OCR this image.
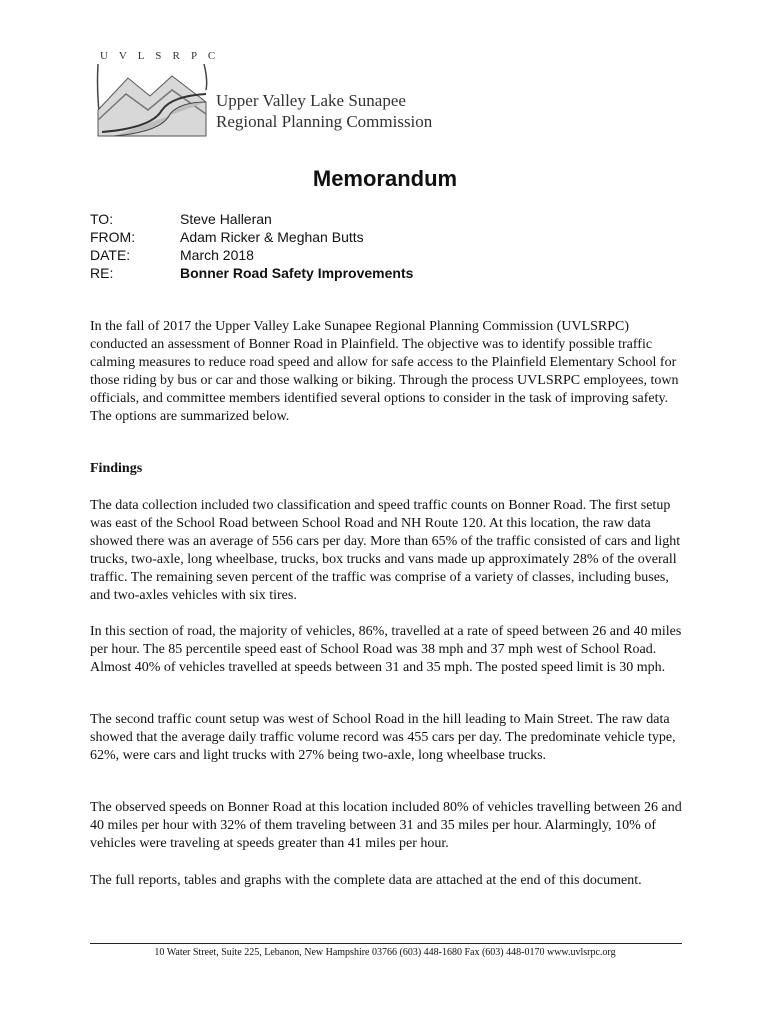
U V L S R P C
Upper Valley Lake Sunapee
Regional Planning Commission
Memorandum
TO:	Steve Halleran
FROM:	Adam Ricker & Meghan Butts
DATE:	March 2018
RE:	Bonner Road Safety Improvements

In the fall of 2017 the Upper Valley Lake Sunapee Regional Planning Commission (UVLSRPC) conducted an assessment of Bonner Road in Plainfield. The objective was to identify possible traffic calming measures to reduce road speed and allow for safe access to the Plainfield Elementary School for those riding by bus or car and those walking or biking. Through the process UVLSRPC employees, town officials, and committee members identified several options to consider in the task of improving safety. The options are summarized below.

Findings

The data collection included two classification and speed traffic counts on Bonner Road. The first setup was east of the School Road between School Road and NH Route 120. At this location, the raw data showed there was an average of 556 cars per day. More than 65% of the traffic consisted of cars and light trucks, two-axle, long wheelbase, trucks, box trucks and vans made up approximately 28% of the overall traffic. The remaining seven percent of the traffic was comprise of a variety of classes, including buses, and two-axles vehicles with six tires.

In this section of road, the majority of vehicles, 86%, travelled at a rate of speed between 26 and 40 miles per hour. The 85 percentile speed east of School Road was 38 mph and 37 mph west of School Road. Almost 40% of vehicles travelled at speeds between 31 and 35 mph. The posted speed limit is 30 mph.

The second traffic count setup was west of School Road in the hill leading to Main Street. The raw data showed that the average daily traffic volume record was 455 cars per day. The predominate vehicle type, 62%, were cars and light trucks with 27% being two-axle, long wheelbase trucks.

The observed speeds on Bonner Road at this location included 80% of vehicles travelling between 26 and 40 miles per hour with 32% of them traveling between 31 and 35 miles per hour. Alarmingly, 10% of vehicles were traveling at speeds greater than 41 miles per hour.

The full reports, tables and graphs with the complete data are attached at the end of this document.

10 Water Street, Suite 225, Lebanon, New Hampshire 03766 (603) 448-1680 Fax (603) 448-0170 www.uvlsrpc.org
